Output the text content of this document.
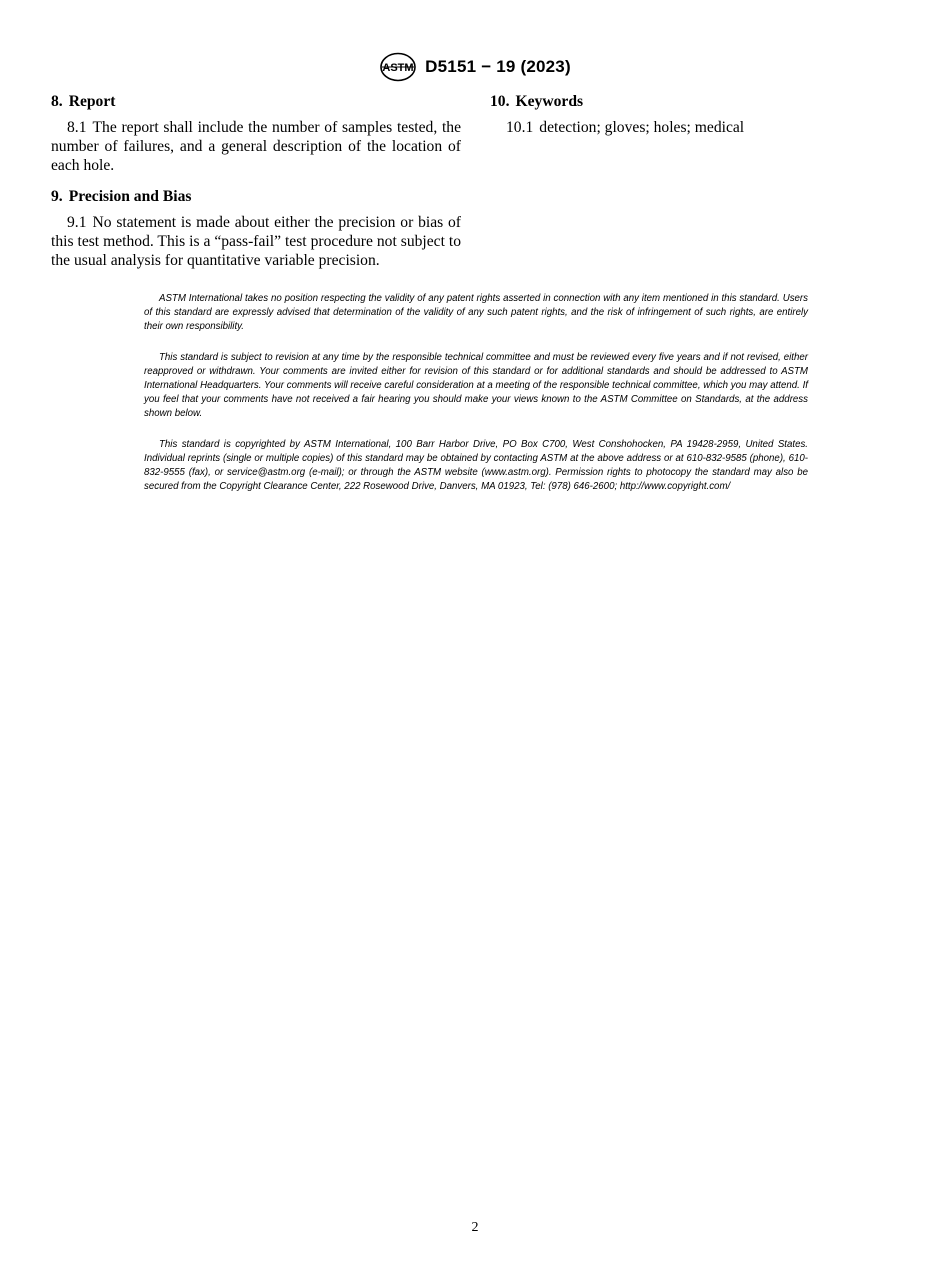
ASTM D5151 − 19 (2023)
8. Report

8.1 The report shall include the number of samples tested, the number of failures, and a general description of the location of each hole.

9. Precision and Bias

9.1 No statement is made about either the precision or bias of this test method. This is a “pass-fail” test procedure not subject to the usual analysis for quantitative variable precision.

10. Keywords

10.1 detection; gloves; holes; medical

ASTM International takes no position respecting the validity of any patent rights asserted in connection with any item mentioned in this standard. Users of this standard are expressly advised that determination of the validity of any such patent rights, and the risk of infringement of such rights, are entirely their own responsibility.

This standard is subject to revision at any time by the responsible technical committee and must be reviewed every five years and if not revised, either reapproved or withdrawn. Your comments are invited either for revision of this standard or for additional standards and should be addressed to ASTM International Headquarters. Your comments will receive careful consideration at a meeting of the responsible technical committee, which you may attend. If you feel that your comments have not received a fair hearing you should make your views known to the ASTM Committee on Standards, at the address shown below.

This standard is copyrighted by ASTM International, 100 Barr Harbor Drive, PO Box C700, West Conshohocken, PA 19428-2959, United States. Individual reprints (single or multiple copies) of this standard may be obtained by contacting ASTM at the above address or at 610-832-9585 (phone), 610-832-9555 (fax), or service@astm.org (e-mail); or through the ASTM website (www.astm.org). Permission rights to photocopy the standard may also be secured from the Copyright Clearance Center, 222 Rosewood Drive, Danvers, MA 01923, Tel: (978) 646-2600; http://www.copyright.com/

2
